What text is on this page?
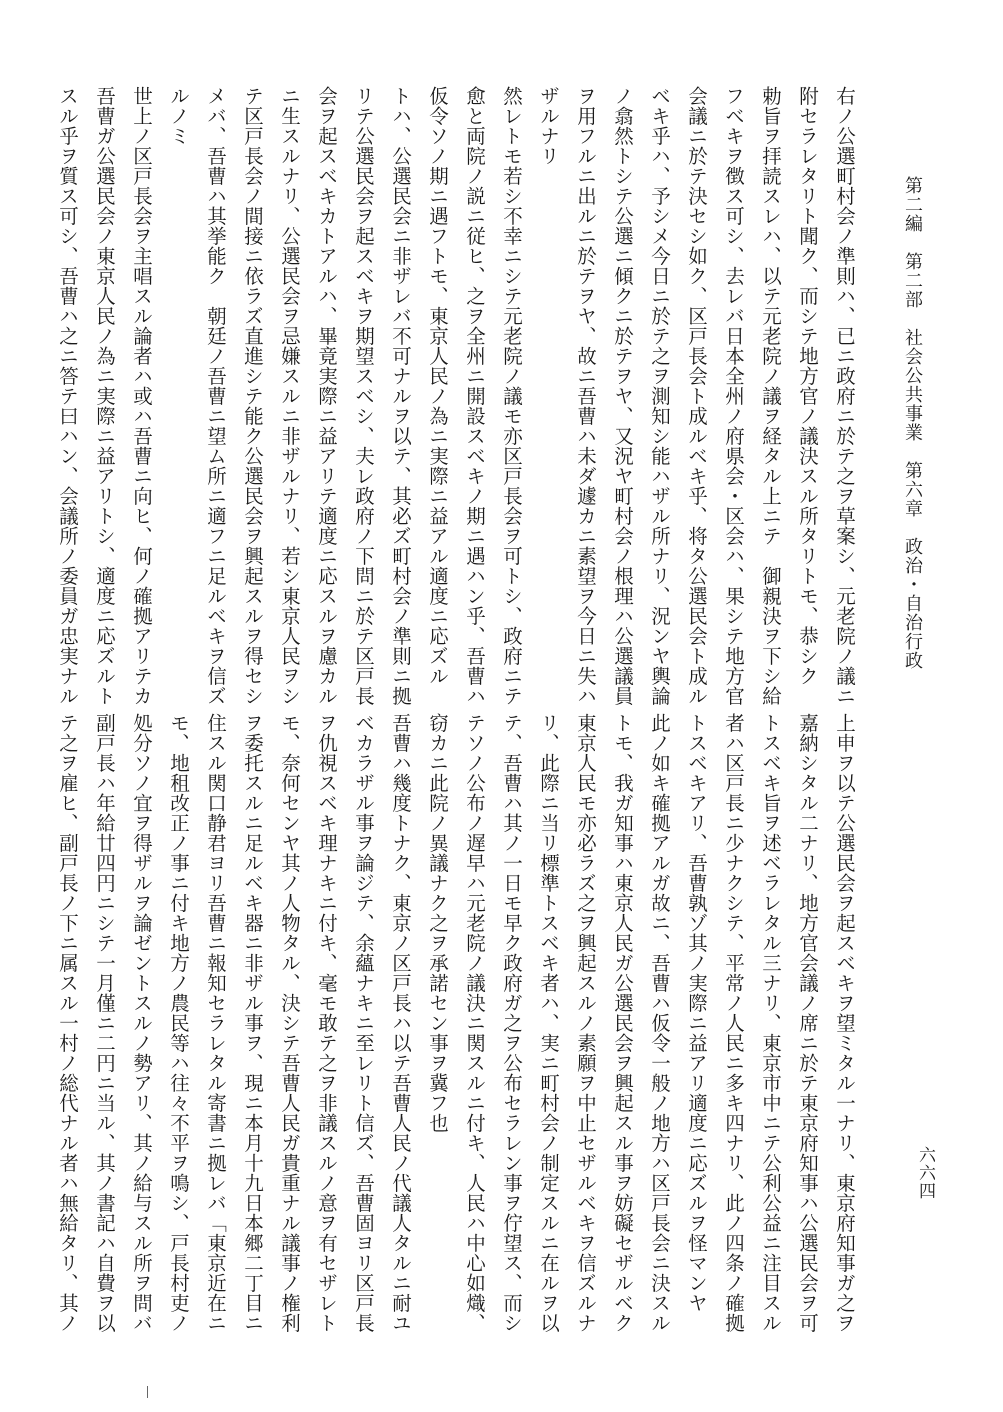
第二編　第二部　社会公共事業　第六章　政治・自治行政

右ノ公選町村会ノ準則ハ、已ニ政府ニ於テ之ヲ草案シ、元老院ノ議ニ

附セラレタリト聞ク、而シテ地方官ノ議決スル所タリトモ、恭シク

勅旨ヲ拝読スレハ、以テ元老院ノ議ヲ経タル上ニテ　御親決ヲ下シ給

フベキヲ徴ス可シ、去レバ日本全州ノ府県会・区会ハ、果シテ地方官

会議ニ於テ決セシ如ク、区戸長会ト成ルベキ乎、将タ公選民会ト成ル

ベキ乎ハ、予シメ今日ニ於テ之ヲ測知シ能ハザル所ナリ、況ンヤ輿論

ノ翕然トシテ公選ニ傾クニ於テヲヤ、又況ヤ町村会ノ根理ハ公選議員

ヲ用フルニ出ルニ於テヲヤ、故ニ吾曹ハ未ダ遽カニ素望ヲ今日ニ失ハ

ザルナリ

然レトモ若シ不幸ニシテ元老院ノ議モ亦区戸長会ヲ可トシ、政府ニテ

愈と両院ノ説ニ従ヒ、之ヲ全州ニ開設スベキノ期ニ遇ハン乎、吾曹ハ

仮令ソノ期ニ遇フトモ、東京人民ノ為ニ実際ニ益アル適度ニ応ズル

トハ、公選民会ニ非ザレバ不可ナルヲ以テ、其必ズ町村会ノ準則ニ拠

リテ公選民会ヲ起スベキヲ期望スベシ、夫レ政府ノ下問ニ於テ区戸長

会ヲ起スベキカトアルハ、畢竟実際ニ益アリテ適度ニ応スルヲ慮カル

ニ生スルナリ、公選民会ヲ忌嫌スルニ非ザルナリ、若シ東京人民ヲシ

テ区戸長会ノ間接ニ依ラズ直進シテ能ク公選民会ヲ興起スルヲ得セシ

メバ、吾曹ハ其挙能ク　朝廷ノ吾曹ニ望ム所ニ適フニ足ルベキヲ信ズ

ルノミ

世上ノ区戸長会ヲ主唱スル論者ハ或ハ吾曹ニ向ヒ、何ノ確拠アリテカ

吾曹ガ公選民会ノ東京人民ノ為ニ実際ニ益アリトシ、適度ニ応ズルト

スル乎ヲ質ス可シ、吾曹ハ之ニ答テ曰ハン、会議所ノ委員ガ忠実ナル

六六四

上申ヲ以テ公選民会ヲ起スベキヲ望ミタル一ナリ、東京府知事ガ之ヲ

嘉納シタル二ナリ、地方官会議ノ席ニ於テ東京府知事ハ公選民会ヲ可

トスベキ旨ヲ述ベラレタル三ナリ、東京市中ニテ公利公益ニ注目スル

者ハ区戸長ニ少ナクシテ、平常ノ人民ニ多キ四ナリ、此ノ四条ノ確拠

トスベキアリ、吾曹孰ゾ其ノ実際ニ益アリ適度ニ応ズルヲ怪マンヤ

此ノ如キ確拠アルガ故ニ、吾曹ハ仮令一般ノ地方ハ区戸長会ニ決スル

トモ、我ガ知事ハ東京人民ガ公選民会ヲ興起スル事ヲ妨礙セザルベク

東京人民モ亦必ラズ之ヲ興起スルノ素願ヲ中止セザルベキヲ信ズルナ

リ、此際ニ当リ標準トスベキ者ハ、実ニ町村会ノ制定スルニ在ルヲ以

テ、吾曹ハ其ノ一日モ早ク政府ガ之ヲ公布セラレン事ヲ佇望ス、而シ

テソノ公布ノ遅早ハ元老院ノ議決ニ関スルニ付キ、人民ハ中心如熾、

窃カニ此院ノ異議ナク之ヲ承諾セン事ヲ冀フ也

吾曹ハ幾度トナク、東京ノ区戸長ハ以テ吾曹人民ノ代議人タルニ耐ユ

ベカラザル事ヲ論ジテ、余蘊ナキニ至レリト信ズ、吾曹固ヨリ区戸長

ヲ仇視スベキ理ナキニ付キ、毫モ敢テ之ヲ非議スルノ意ヲ有セザレト

モ、奈何センヤ其ノ人物タル、決シテ吾曹人民ガ貴重ナル議事ノ権利

ヲ委托スルニ足ルベキ器ニ非ザル事ヲ、現ニ本月十九日本郷二丁目ニ

住スル関口静君ヨリ吾曹ニ報知セラレタル寄書ニ拠レバ「東京近在ニ

モ、地租改正ノ事ニ付キ地方ノ農民等ハ往々不平ヲ鳴シ、戸長村吏ノ

処分ソノ宜ヲ得ザルヲ論ゼントスルノ勢アリ、其ノ給与スル所ヲ問バ

副戸長ハ年給廿四円ニシテ一月僅ニ二円ニ当ル、其ノ書記ハ自費ヲ以

テ之ヲ雇ヒ、副戸長ノ下ニ属スル一村ノ総代ナル者ハ無給タリ、其ノ
